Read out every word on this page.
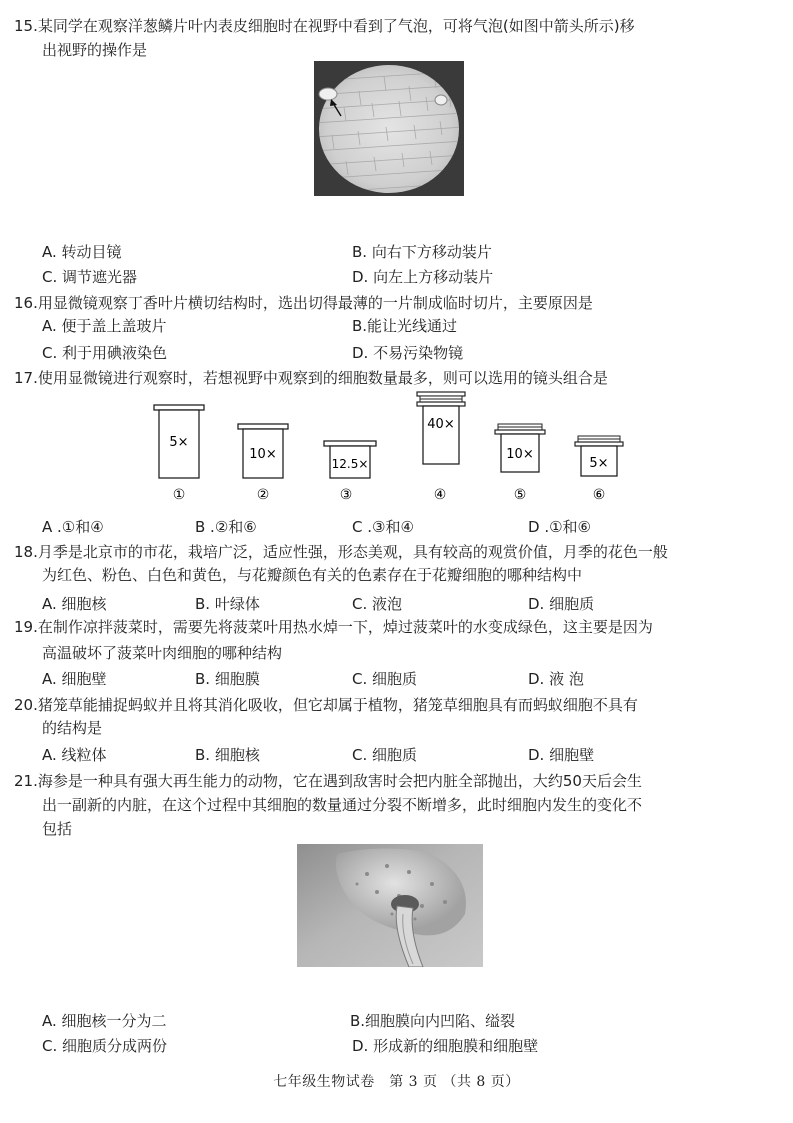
15.某同学在观察洋葱鳞片叶内表皮细胞时在视野中看到了气泡，可将气泡(如图中箭头所示)移
出视野的操作是
A. 转动目镜	B. 向右下方移动装片
C. 调节遮光器	D. 向左上方移动装片
16.用显微镜观察丁香叶片横切结构时，选出切得最薄的一片制成临时切片，主要原因是
A. 便于盖上盖玻片	B.能让光线通过
C. 利于用碘液染色	D. 不易污染物镜
17.使用显微镜进行观察时，若想视野中观察到的细胞数量最多，则可以选用的镜头组合是
5×
①
10×
②
12.5×
③
40×
④
10×
⑤
5×
⑥
A .①和④	B .②和⑥	C .③和④	D .①和⑥
18.月季是北京市的市花，栽培广泛，适应性强，形态美观，具有较高的观赏价值，月季的花色一般
为红色、粉色、白色和黄色，与花瓣颜色有关的色素存在于花瓣细胞的哪种结构中
A. 细胞核	B. 叶绿体	C. 液泡	D. 细胞质
19.在制作凉拌菠菜时，需要先将菠菜叶用热水焯一下，焯过菠菜叶的水变成绿色，这主要是因为
高温破坏了菠菜叶肉细胞的哪种结构
A. 细胞壁	B. 细胞膜	C. 细胞质	D. 液 泡
20.猪笼草能捕捉蚂蚁并且将其消化吸收，但它却属于植物，猪笼草细胞具有而蚂蚁细胞不具有
的结构是
A. 线粒体	B. 细胞核	C. 细胞质	D. 细胞壁
21.海参是一种具有强大再生能力的动物，它在遇到敌害时会把内脏全部抛出，大约50天后会生
出一副新的内脏，在这个过程中其细胞的数量通过分裂不断增多，此时细胞内发生的变化不
包括
A. 细胞核一分为二	B.细胞膜向内凹陷、缢裂
C. 细胞质分成两份	D. 形成新的细胞膜和细胞壁
七年级生物试卷　第 3 页 （共 8 页）
